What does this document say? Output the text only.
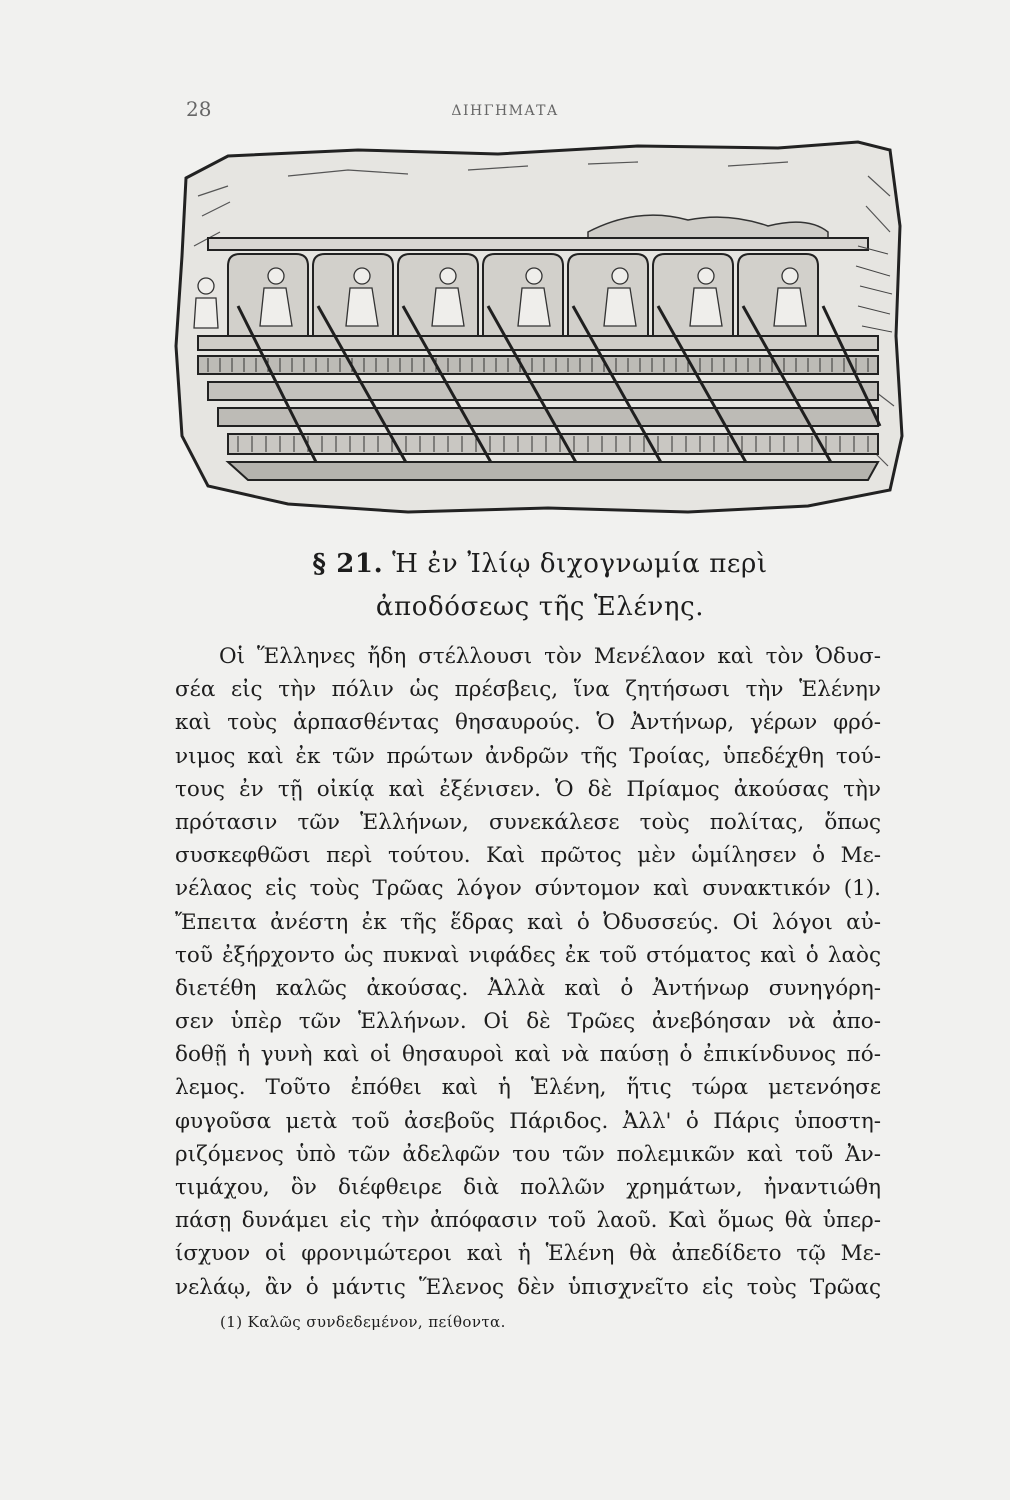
28	ΔΙΗΓΗΜΑΤΑ
§ 21. Ἡ ἐν Ἰλίῳ διχογνωμία περὶ
ἀποδόσεως τῆς Ἑλένης.
Οἱ Ἕλληνες ἤδη στέλλουσι τὸν Μενέλαον καὶ τὸν Ὀδυσ-
σέα εἰς τὴν πόλιν ὡς πρέσβεις, ἵνα ζητήσωσι τὴν Ἑλένην
καὶ τοὺς ἁρπασθέντας θησαυρούς. Ὁ Ἀντήνωρ, γέρων φρό-
νιμος καὶ ἐκ τῶν πρώτων ἀνδρῶν τῆς Τροίας, ὑπεδέχθη τού-
τους ἐν τῇ οἰκίᾳ καὶ ἐξένισεν. Ὁ δὲ Πρίαμος ἀκούσας τὴν
πρότασιν τῶν Ἑλλήνων, συνεκάλεσε τοὺς πολίτας, ὅπως
συσκεφθῶσι περὶ τούτου. Καὶ πρῶτος μὲν ὡμίλησεν ὁ Με-
νέλαος εἰς τοὺς Τρῶας λόγον σύντομον καὶ συνακτικόν (1).
Ἔπειτα ἀνέστη ἐκ τῆς ἕδρας καὶ ὁ Ὀδυσσεύς. Οἱ λόγοι αὐ-
τοῦ ἐξήρχοντο ὡς πυκναὶ νιφάδες ἐκ τοῦ στόματος καὶ ὁ λαὸς
διετέθη καλῶς ἀκούσας. Ἀλλὰ καὶ ὁ Ἀντήνωρ συνηγόρη-
σεν ὑπὲρ τῶν Ἑλλήνων. Οἱ δὲ Τρῶες ἀνεβόησαν νὰ ἀπο-
δοθῇ ἡ γυνὴ καὶ οἱ θησαυροὶ καὶ νὰ παύσῃ ὁ ἐπικίνδυνος πό-
λεμος. Τοῦτο ἐπόθει καὶ ἡ Ἑλένη, ἥτις τώρα μετενόησε
φυγοῦσα μετὰ τοῦ ἀσεβοῦς Πάριδος. Ἀλλ' ὁ Πάρις ὑποστη-
ριζόμενος ὑπὸ τῶν ἀδελφῶν του τῶν πολεμικῶν καὶ τοῦ Ἀν-
τιμάχου, ὃν διέφθειρε διὰ πολλῶν χρημάτων, ἠναντιώθη
πάσῃ δυνάμει εἰς τὴν ἀπόφασιν τοῦ λαοῦ. Καὶ ὅμως θὰ ὑπερ-
ίσχυον οἱ φρονιμώτεροι καὶ ἡ Ἑλένη θὰ ἀπεδίδετο τῷ Με-
νελάῳ, ἂν ὁ μάντις Ἕλενος δὲν ὑπισχνεῖτο εἰς τοὺς Τρῶας
(1) Καλῶς συνδεδεμένον, πείθοντα.
